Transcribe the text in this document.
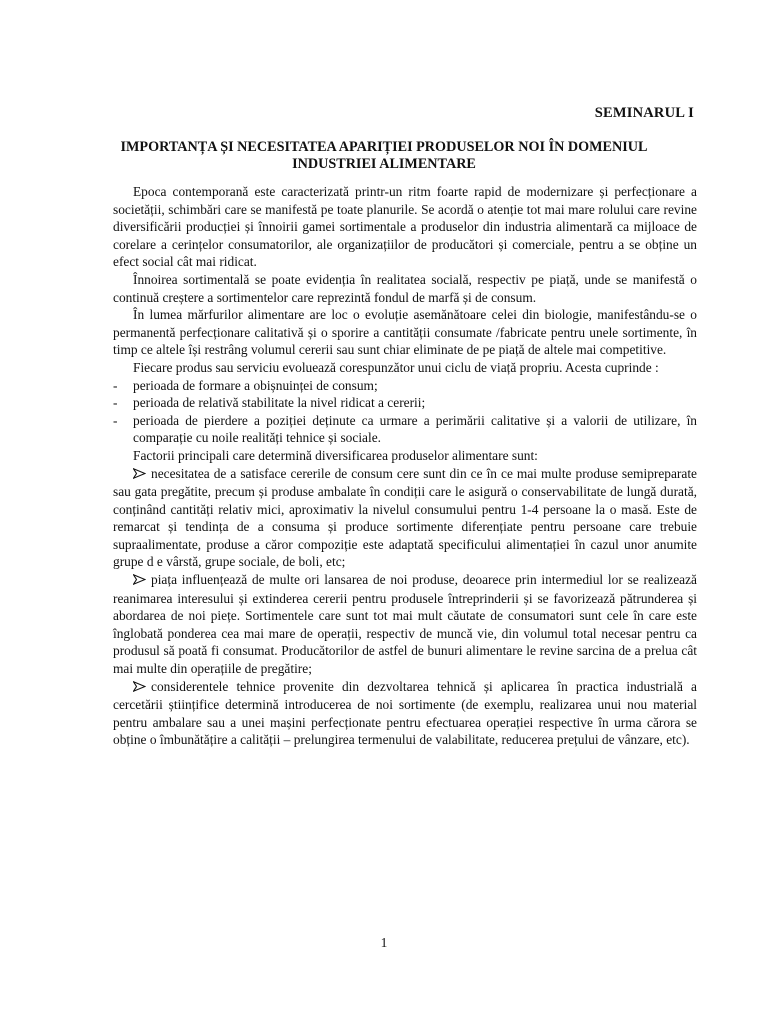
SEMINARUL I
IMPORTANȚA ȘI NECESITATEA APARIȚIEI PRODUSELOR NOI ÎN DOMENIUL
INDUSTRIEI ALIMENTARE

Epoca contemporană este caracterizată printr-un ritm foarte rapid de modernizare și perfecționare a societății, schimbări care se manifestă pe toate planurile. Se acordă o atenție tot mai mare rolului care revine diversificării producției și înnoirii gamei sortimentale a produselor din industria alimentară ca mijloace de corelare a cerințelor consumatorilor, ale organizațiilor de producători și comerciale, pentru a se obține un efect social cât mai ridicat.

Înnoirea sortimentală se poate evidenția în realitatea socială, respectiv pe piață, unde se manifestă o continuă creștere a sortimentelor care reprezintă fondul de marfă și de consum.

În lumea mărfurilor alimentare are loc o evoluție asemănătoare celei din biologie, manifestându-se o permanentă perfecționare calitativă și o sporire a cantității consumate /fabricate pentru unele sortimente, în timp ce altele își restrâng volumul cererii sau sunt chiar eliminate de pe piață de altele mai competitive.

Fiecare produs sau serviciu evoluează corespunzător unui ciclu de viață propriu. Acesta cuprinde :

- perioada de formare a obișnuinței de consum;
- perioada de relativă stabilitate la nivel ridicat a cererii;
- perioada de pierdere a poziției deținute ca urmare a perimării calitative și a valorii de utilizare, în comparație cu noile realități tehnice și sociale.

Factorii principali care determină diversificarea produselor alimentare sunt:

necesitatea de a satisface cererile de consum cere sunt din ce în ce mai multe produse semipreparate sau gata pregătite, precum și produse ambalate în condiții care le asigură o conservabilitate de lungă durată, conținând cantități relativ mici, aproximativ la nivelul consumului pentru 1-4 persoane la o masă. Este de remarcat și tendința de a consuma și produce sortimente diferențiate pentru persoane care trebuie supraalimentate, produse a căror compoziție este adaptată specificului alimentației în cazul unor anumite grupe d e vârstă, grupe sociale, de boli, etc;

piața influențează de multe ori lansarea de noi produse, deoarece prin intermediul lor se realizează reanimarea interesului și extinderea cererii pentru produsele întreprinderii și se favorizează pătrunderea și abordarea de noi piețe. Sortimentele care sunt tot mai mult căutate de consumatori sunt cele în care este înglobată ponderea cea mai mare de operații, respectiv de muncă vie, din volumul total necesar pentru ca produsul să poată fi consumat. Producătorilor de astfel de bunuri alimentare le revine sarcina de a prelua cât mai multe din operațiile de pregătire;

considerentele tehnice provenite din dezvoltarea tehnică și aplicarea în practica industrială a cercetării științifice determină introducerea de noi sortimente (de exemplu, realizarea unui nou material pentru ambalare sau a unei mașini perfecționate pentru efectuarea operației respective în urma cărora se obține o îmbunătățire a calității – prelungirea termenului de valabilitate, reducerea prețului de vânzare, etc).

1
